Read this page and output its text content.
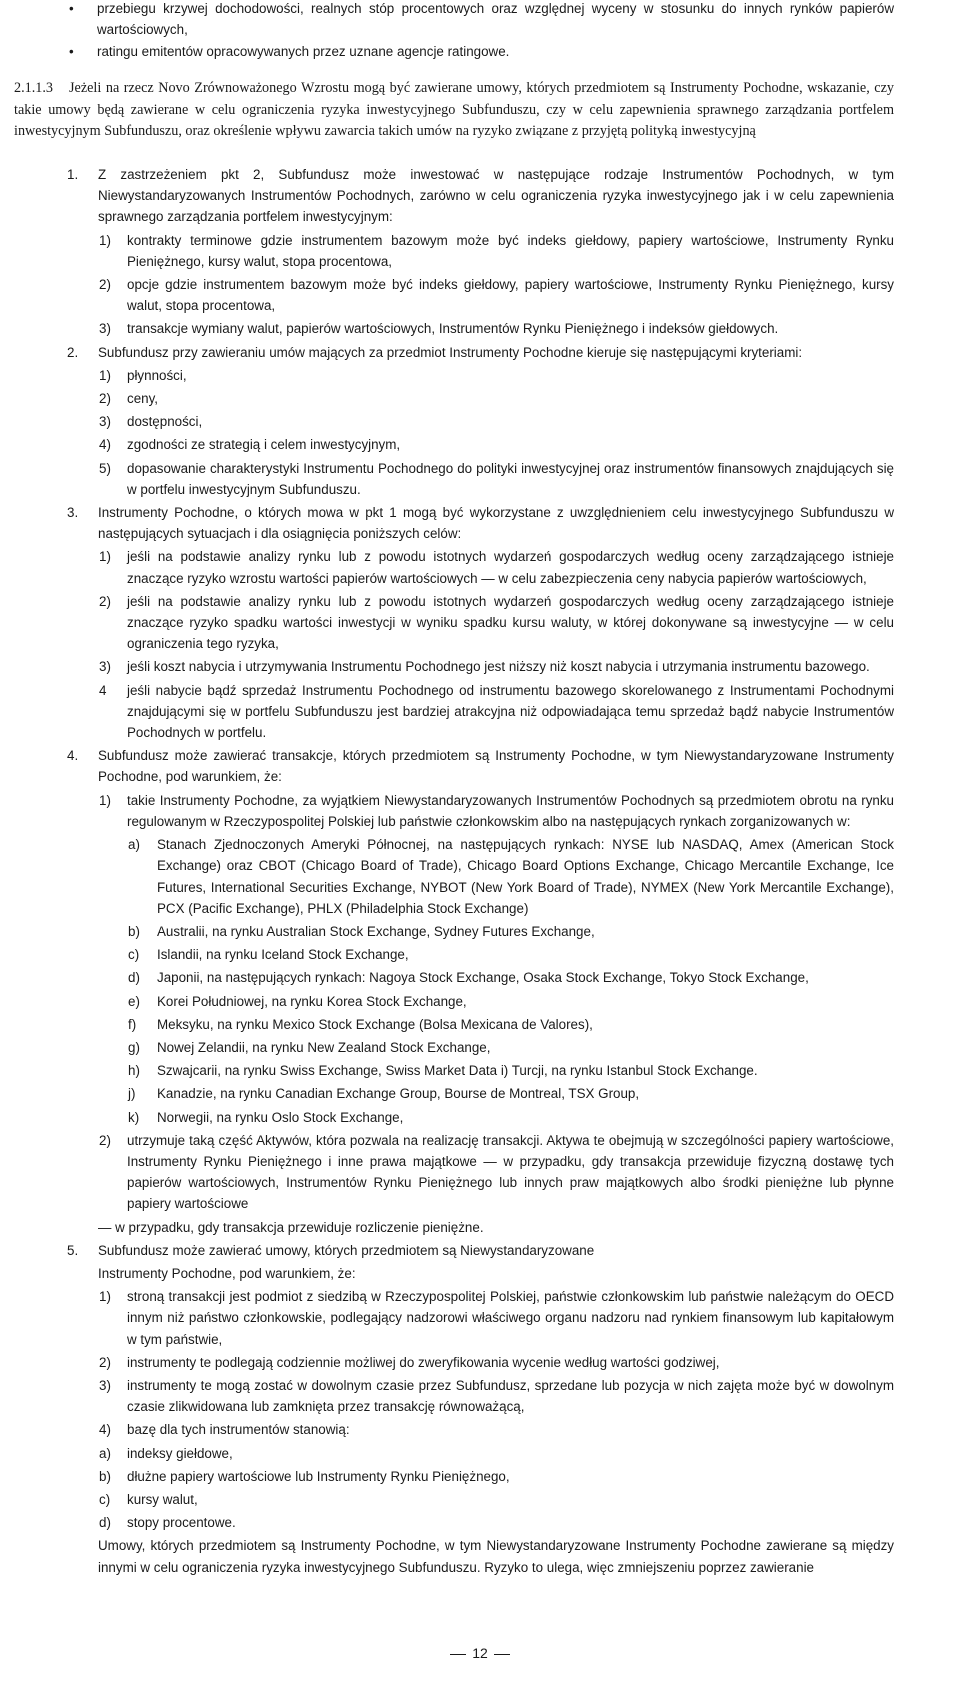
• przebiegu krzywej dochodowości, realnych stóp procentowych oraz względnej wyceny w stosunku do innych rynków papierów wartościowych,
• ratingu emitentów opracowywanych przez uznane agencje ratingowe.
2.1.1.3 Jeżeli na rzecz Novo Zrównoważonego Wzrostu mogą być zawierane umowy, których przedmiotem są Instrumenty Pochodne, wskazanie, czy takie umowy będą zawierane w celu ograniczenia ryzyka inwestycyjnego Subfunduszu, czy w celu zapewnienia sprawnego zarządzania portfelem inwestycyjnym Subfunduszu, oraz określenie wpływu zawarcia takich umów na ryzyko związane z przyjętą polityką inwestycyjną
1. Z zastrzeżeniem pkt 2, Subfundusz może inwestować w następujące rodzaje Instrumentów Pochodnych, w tym Niewystandaryzowanych Instrumentów Pochodnych, zarówno w celu ograniczenia ryzyka inwestycyjnego jak i w celu zapewnienia sprawnego zarządzania portfelem inwestycyjnym:
1) kontrakty terminowe gdzie instrumentem bazowym może być indeks giełdowy, papiery wartościowe, Instrumenty Rynku Pieniężnego, kursy walut, stopa procentowa,
2) opcje gdzie instrumentem bazowym może być indeks giełdowy, papiery wartościowe, Instrumenty Rynku Pieniężnego, kursy walut, stopa procentowa,
3) transakcje wymiany walut, papierów wartościowych, Instrumentów Rynku Pieniężnego i indeksów giełdowych.
2. Subfundusz przy zawieraniu umów mających za przedmiot Instrumenty Pochodne kieruje się następującymi kryteriami:
1) płynności,
2) ceny,
3) dostępności,
4) zgodności ze strategią i celem inwestycyjnym,
5) dopasowanie charakterystyki Instrumentu Pochodnego do polityki inwestycyjnej oraz instrumentów finansowych znajdujących się w portfelu inwestycyjnym Subfunduszu.
3. Instrumenty Pochodne, o których mowa w pkt 1 mogą być wykorzystane z uwzględnieniem celu inwestycyjnego Subfunduszu w następujących sytuacjach i dla osiągnięcia poniższych celów:
1) jeśli na podstawie analizy rynku lub z powodu istotnych wydarzeń gospodarczych według oceny zarządzającego istnieje znaczące ryzyko wzrostu wartości papierów wartościowych — w celu zabezpieczenia ceny nabycia papierów wartościowych,
2) jeśli na podstawie analizy rynku lub z powodu istotnych wydarzeń gospodarczych według oceny zarządzającego istnieje znaczące ryzyko spadku wartości inwestycji w wyniku spadku kursu waluty, w której dokonywane są inwestycyjne — w celu ograniczenia tego ryzyka,
3) jeśli koszt nabycia i utrzymywania Instrumentu Pochodnego jest niższy niż koszt nabycia i utrzymania instrumentu bazowego.
4 jeśli nabycie bądź sprzedaż Instrumentu Pochodnego od instrumentu bazowego skorelowanego z Instrumentami Pochodnymi znajdującymi się w portfelu Subfunduszu jest bardziej atrakcyjna niż odpowiadająca temu sprzedaż bądź nabycie Instrumentów Pochodnych w portfelu.
4. Subfundusz może zawierać transakcje, których przedmiotem są Instrumenty Pochodne, w tym Niewystandaryzowane Instrumenty Pochodne, pod warunkiem, że:
1) takie Instrumenty Pochodne, za wyjątkiem Niewystandaryzowanych Instrumentów Pochodnych są przedmiotem obrotu na rynku regulowanym w Rzeczypospolitej Polskiej lub państwie członkowskim albo na następujących rynkach zorganizowanych w:
a) Stanach Zjednoczonych Ameryki Północnej, na następujących rynkach: NYSE lub NASDAQ, Amex (American Stock Exchange) oraz CBOT (Chicago Board of Trade), Chicago Board Options Exchange, Chicago Mercantile Exchange, Ice Futures, International Securities Exchange, NYBOT (New York Board of Trade), NYMEX (New York Mercantile Exchange), PCX (Pacific Exchange), PHLX (Philadelphia Stock Exchange)
b) Australii, na rynku Australian Stock Exchange, Sydney Futures Exchange,
c) Islandii, na rynku Iceland Stock Exchange,
d) Japonii, na następujących rynkach: Nagoya Stock Exchange, Osaka Stock Exchange, Tokyo Stock Exchange,
e) Korei Południowej, na rynku Korea Stock Exchange,
f) Meksyku, na rynku Mexico Stock Exchange (Bolsa Mexicana de Valores),
g) Nowej Zelandii, na rynku New Zealand Stock Exchange,
h) Szwajcarii, na rynku Swiss Exchange, Swiss Market Data i) Turcji, na rynku Istanbul Stock Exchange.
j) Kanadzie, na rynku Canadian Exchange Group, Bourse de Montreal, TSX Group,
k) Norwegii, na rynku Oslo Stock Exchange,
2) utrzymuje taką część Aktywów, która pozwala na realizację transakcji. Aktywa te obejmują w szczególności papiery wartościowe, Instrumenty Rynku Pieniężnego i inne prawa majątkowe — w przypadku, gdy transakcja przewiduje fizyczną dostawę tych papierów wartościowych, Instrumentów Rynku Pieniężnego lub innych praw majątkowych albo środki pieniężne lub płynne papiery wartościowe
— w przypadku, gdy transakcja przewiduje rozliczenie pieniężne.
5. Subfundusz może zawierać umowy, których przedmiotem są Niewystandaryzowane
Instrumenty Pochodne, pod warunkiem, że:
1) stroną transakcji jest podmiot z siedzibą w Rzeczypospolitej Polskiej, państwie członkowskim lub państwie należącym do OECD innym niż państwo członkowskie, podlegający nadzorowi właściwego organu nadzoru nad rynkiem finansowym lub kapitałowym w tym państwie,
2) instrumenty te podlegają codziennie możliwej do zweryfikowania wycenie według wartości godziwej,
3) instrumenty te mogą zostać w dowolnym czasie przez Subfundusz, sprzedane lub pozycja w nich zajęta może być w dowolnym czasie zlikwidowana lub zamknięta przez transakcję równoważącą,
4) bazę dla tych instrumentów stanowią:
a) indeksy giełdowe,
b) dłużne papiery wartościowe lub Instrumenty Rynku Pieniężnego,
c) kursy walut,
d) stopy procentowe.
Umowy, których przedmiotem są Instrumenty Pochodne, w tym Niewystandaryzowane Instrumenty Pochodne zawierane są między innymi w celu ograniczenia ryzyka inwestycyjnego Subfunduszu. Ryzyko to ulega, więc zmniejszeniu poprzez zawieranie
12
